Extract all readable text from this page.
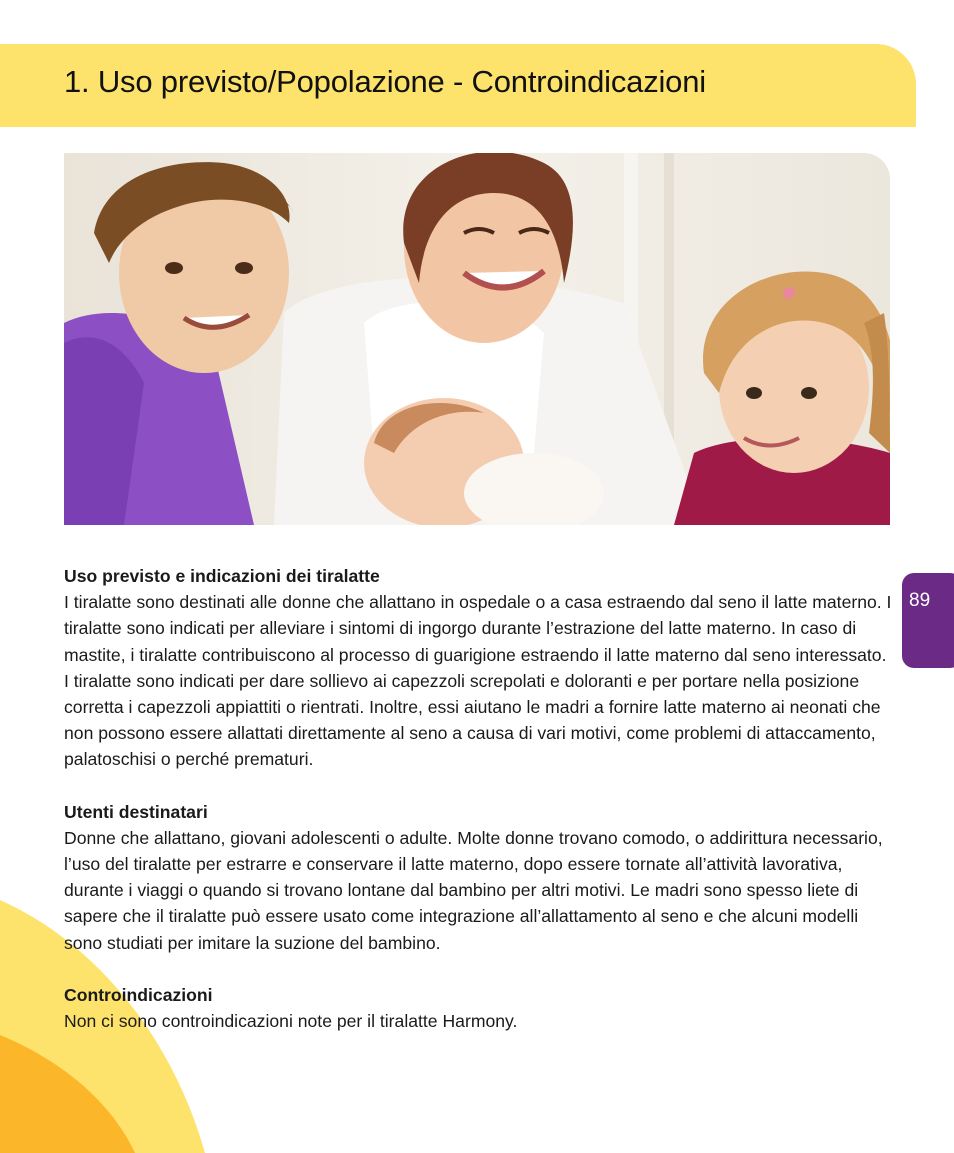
1. Uso previsto/Popolazione - Controindicazioni
89

Uso previsto e indicazioni dei tiralatte

I tiralatte sono destinati alle donne che allattano in ospedale o a casa estraendo dal seno il latte materno. I tiralatte sono indicati per alleviare i sintomi di ingorgo durante l’estrazione del latte materno. In caso di mastite, i tiralatte contribuiscono al processo di guarigione estraendo il latte materno dal seno interessato. I tiralatte sono indicati per dare sollievo ai capezzoli screpolati e doloranti e per portare nella posizione corretta i capezzoli appiattiti o rientrati. Inoltre, essi aiutano le madri a fornire latte materno ai neonati che non possono essere allattati direttamente al seno a causa di vari motivi, come problemi di attaccamento, palatoschisi o perché prematuri.

Utenti destinatari

Donne che allattano, giovani adolescenti o adulte. Molte donne trovano comodo, o addirittura necessario, l’uso del tiralatte per estrarre e conservare il latte materno, dopo essere tornate all’attività lavorativa, durante i viaggi o quando si trovano lontane dal bambino per altri motivi. Le madri sono spesso liete di sapere che il tiralatte può essere usato come integrazione all’allattamento al seno e che alcuni modelli sono studiati per imitare la suzione del bambino.

Controindicazioni

Non ci sono controindicazioni note per il tiralatte Harmony.
